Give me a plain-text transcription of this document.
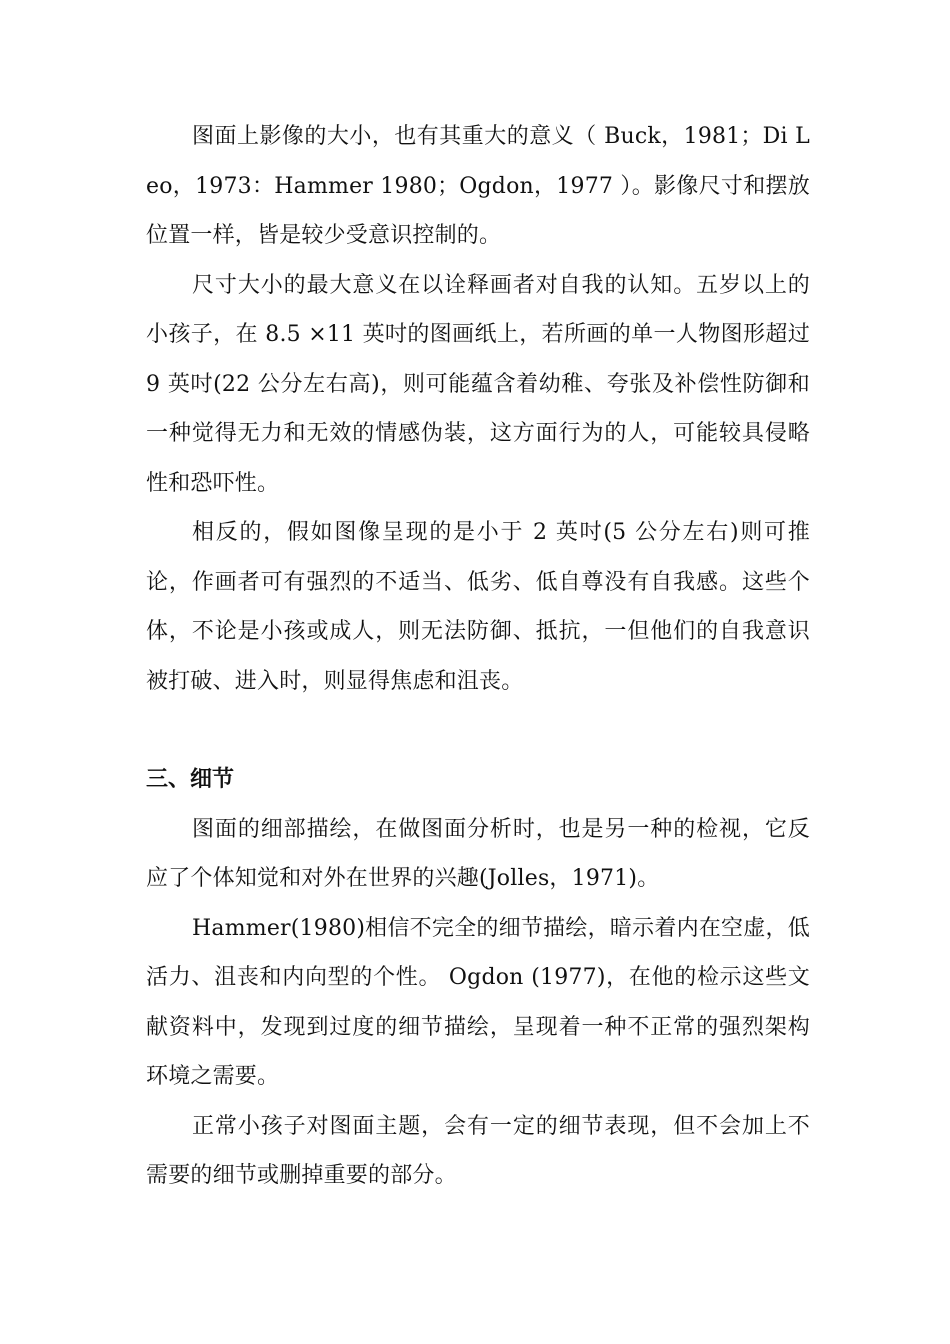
图面上影像的大小，也有其重大的意义（ Buck，1981；Di Leo，1973：Hammer 1980；Ogdon，1977 ）。影像尺寸和摆放位置一样，皆是较少受意识控制的。

尺寸大小的最大意义在以诠释画者对自我的认知。五岁以上的小孩子，在 8.5 ×11 英吋的图画纸上，若所画的单一人物图形超过 9 英吋(22 公分左右高)，则可能蕴含着幼稚、夸张及补偿性防御和一种觉得无力和无效的情感伪装，这方面行为的人，可能较具侵略性和恐吓性。

相反的，假如图像呈现的是小于 2 英吋(5 公分左右)则可推论，作画者可有强烈的不适当、低劣、低自尊没有自我感。这些个体，不论是小孩或成人，则无法防御、抵抗，一但他们的自我意识被打破、进入时，则显得焦虑和沮丧。

三、细节

图面的细部描绘，在做图面分析时，也是另一种的检视，它反应了个体知觉和对外在世界的兴趣(Jolles，1971)。

Hammer(1980)相信不完全的细节描绘，暗示着内在空虚，低活力、沮丧和内向型的个性。 Ogdon (1977)，在他的检示这些文献资料中，发现到过度的细节描绘，呈现着一种不正常的强烈架构环境之需要。

正常小孩子对图面主题，会有一定的细节表现，但不会加上不需要的细节或删掉重要的部分。
